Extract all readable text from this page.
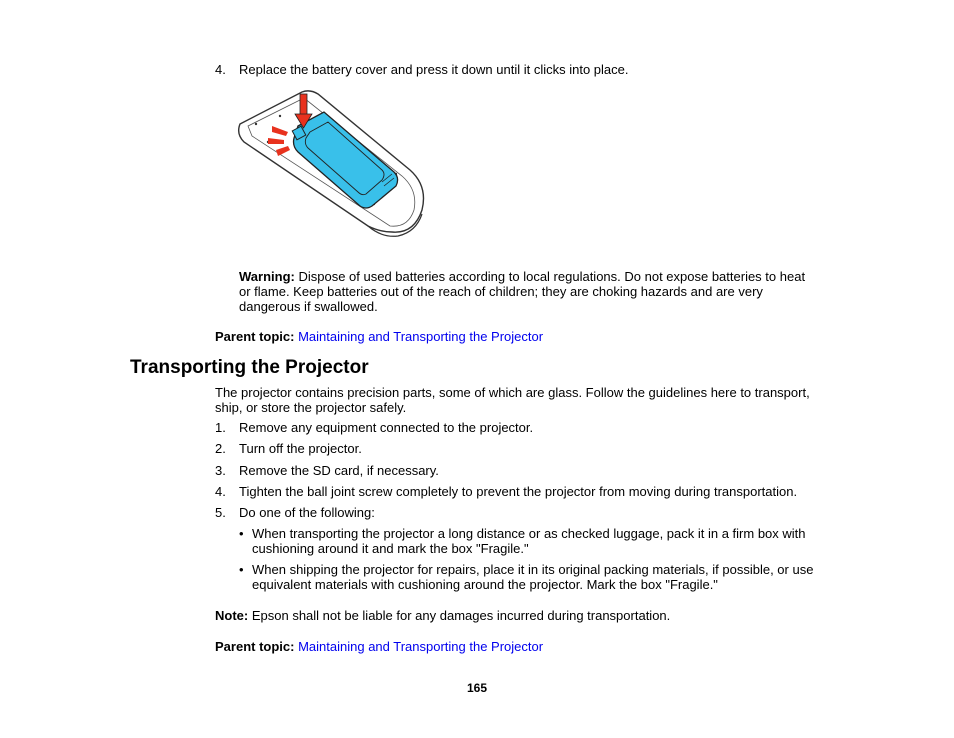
4. Replace the battery cover and press it down until it clicks into place.
Warning: Dispose of used batteries according to local regulations. Do not expose batteries to heat
or flame. Keep batteries out of the reach of children; they are choking hazards and are very
dangerous if swallowed.
Parent topic: Maintaining and Transporting the Projector
Transporting the Projector
The projector contains precision parts, some of which are glass. Follow the guidelines here to transport,
ship, or store the projector safely.
1. Remove any equipment connected to the projector.
2. Turn off the projector.
3. Remove the SD card, if necessary.
4. Tighten the ball joint screw completely to prevent the projector from moving during transportation.
5. Do one of the following:
• When transporting the projector a long distance or as checked luggage, pack it in a firm box with
cushioning around it and mark the box "Fragile."
• When shipping the projector for repairs, place it in its original packing materials, if possible, or use
equivalent materials with cushioning around the projector. Mark the box "Fragile."
Note: Epson shall not be liable for any damages incurred during transportation.
Parent topic: Maintaining and Transporting the Projector
165
